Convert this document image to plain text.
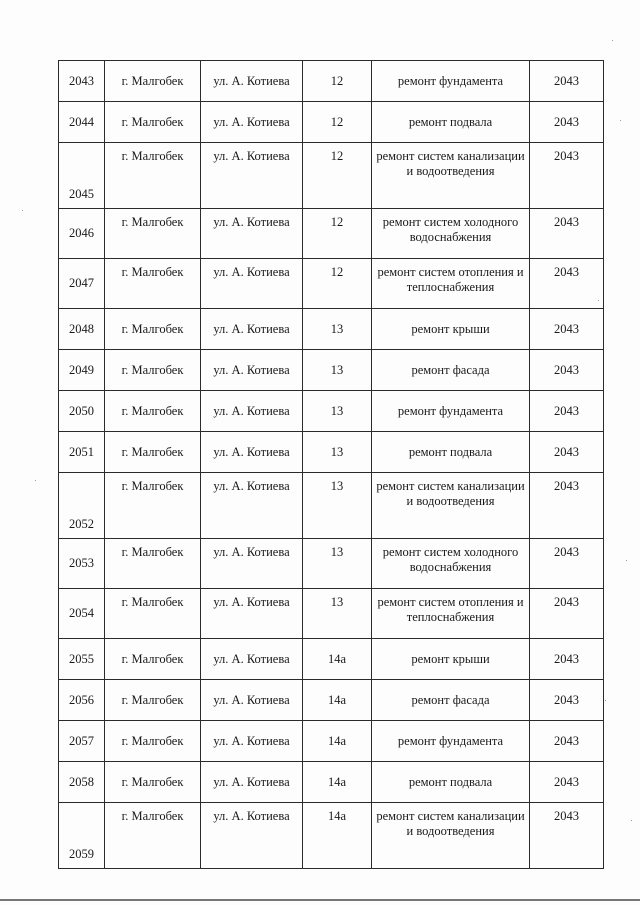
2043	г. Малгобек	ул. А. Котиева	12	ремонт фундамента	2043
2044	г. Малгобек	ул. А. Котиева	12	ремонт подвала	2043
2045	г. Малгобек	ул. А. Котиева	12	ремонт систем канализации и водоотведения	2043
2046	г. Малгобек	ул. А. Котиева	12	ремонт систем холодного водоснабжения	2043
2047	г. Малгобек	ул. А. Котиева	12	ремонт систем отопления и теплоснабжения	2043
2048	г. Малгобек	ул. А. Котиева	13	ремонт крыши	2043
2049	г. Малгобек	ул. А. Котиева	13	ремонт фасада	2043
2050	г. Малгобек	ул. А. Котиева	13	ремонт фундамента	2043
2051	г. Малгобек	ул. А. Котиева	13	ремонт подвала	2043
2052	г. Малгобек	ул. А. Котиева	13	ремонт систем канализации и водоотведения	2043
2053	г. Малгобек	ул. А. Котиева	13	ремонт систем холодного водоснабжения	2043
2054	г. Малгобек	ул. А. Котиева	13	ремонт систем отопления и теплоснабжения	2043
2055	г. Малгобек	ул. А. Котиева	14а	ремонт крыши	2043
2056	г. Малгобек	ул. А. Котиева	14а	ремонт фасада	2043
2057	г. Малгобек	ул. А. Котиева	14а	ремонт фундамента	2043
2058	г. Малгобек	ул. А. Котиева	14а	ремонт подвала	2043
2059	г. Малгобек	ул. А. Котиева	14а	ремонт систем канализации и водоотведения	2043
